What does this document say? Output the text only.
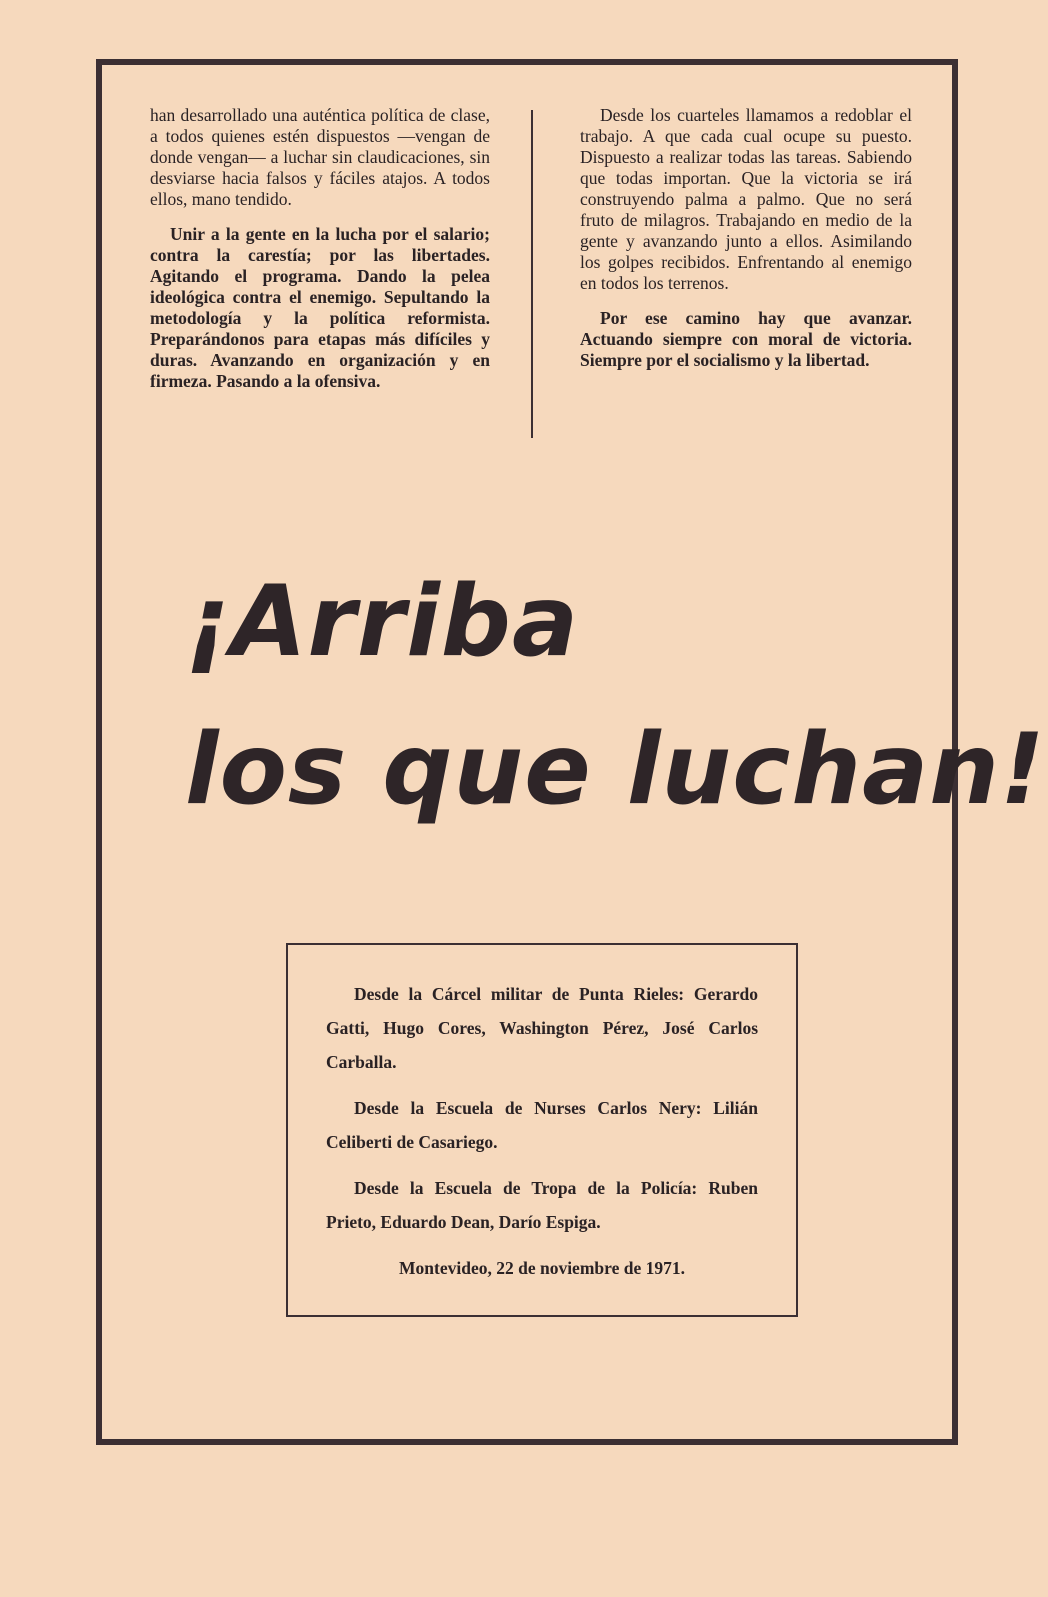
han desarrollado una auténtica política de clase, a todos quienes estén dispuestos —vengan de donde vengan— a luchar sin claudicaciones, sin desviarse hacia falsos y fáciles atajos. A todos ellos, mano tendido.

Unir a la gente en la lucha por el salario; contra la carestía; por las libertades. Agitando el programa. Dando la pelea ideológica contra el enemigo. Sepultando la metodología y la política reformista. Preparándonos para etapas más difíciles y duras. Avanzando en organización y en firmeza. Pasando a la ofensiva.

Desde los cuarteles llamamos a redoblar el trabajo. A que cada cual ocupe su puesto. Dispuesto a realizar todas las tareas. Sabiendo que todas importan. Que la victoria se irá construyendo palma a palmo. Que no será fruto de milagros. Trabajando en medio de la gente y avanzando junto a ellos. Asimilando los golpes recibidos. Enfrentando al enemigo en todos los terrenos.

Por ese camino hay que avanzar. Actuando siempre con moral de victoria. Siempre por el socialismo y la libertad.

¡Arriba
los que luchan!

Desde la Cárcel militar de Punta Rieles: Gerardo Gatti, Hugo Cores, Washington Pérez, José Carlos Carballa.

Desde la Escuela de Nurses Carlos Nery: Lilián Celiberti de Casariego.

Desde la Escuela de Tropa de la Policía: Ruben Prieto, Eduardo Dean, Darío Espiga.

Montevideo, 22 de noviembre de 1971.
